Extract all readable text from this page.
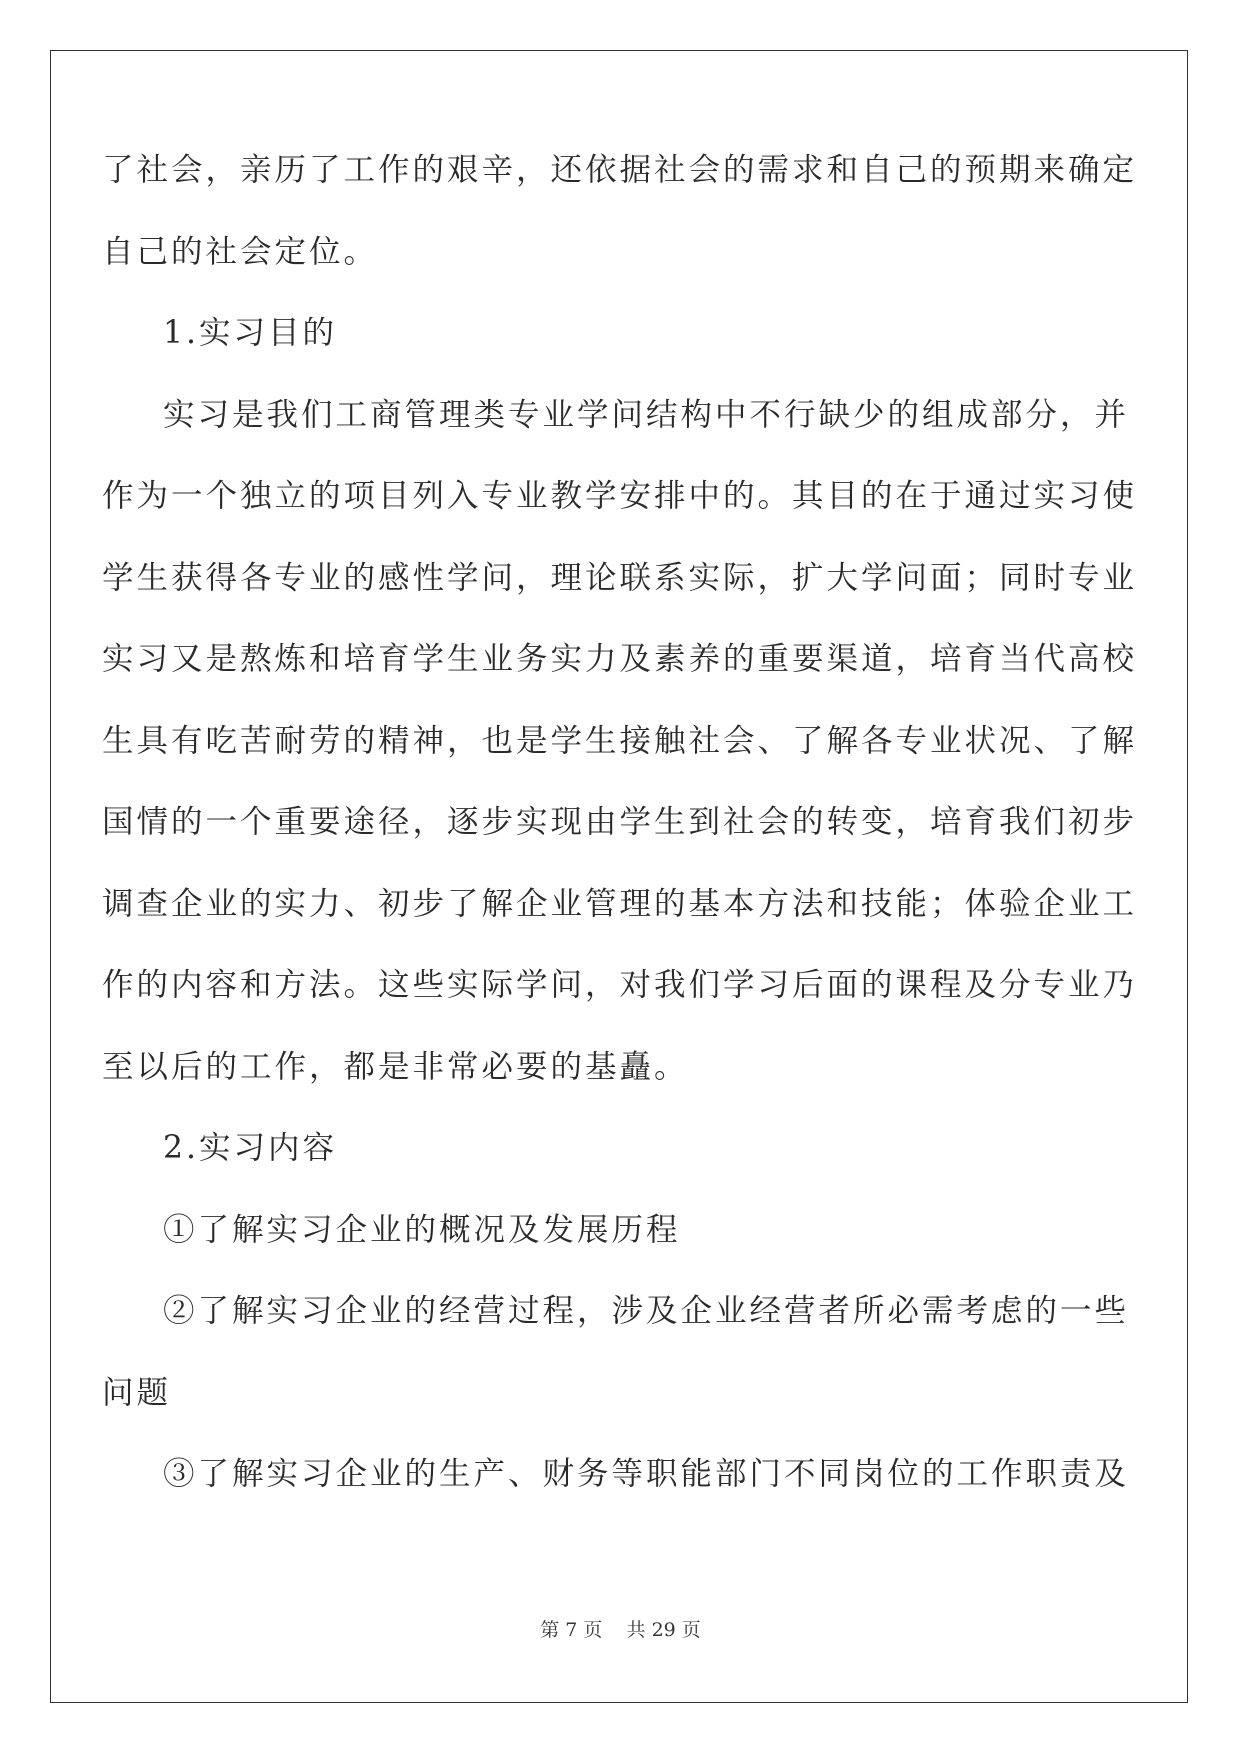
了社会，亲历了工作的艰辛，还依据社会的需求和自己的预期来确定
自己的社会定位。
1.实习目的
实习是我们工商管理类专业学问结构中不行缺少的组成部分，并
作为一个独立的项目列入专业教学安排中的。其目的在于通过实习使
学生获得各专业的感性学问，理论联系实际，扩大学问面；同时专业
实习又是熬炼和培育学生业务实力及素养的重要渠道，培育当代高校
生具有吃苦耐劳的精神，也是学生接触社会、了解各专业状况、了解
国情的一个重要途径，逐步实现由学生到社会的转变，培育我们初步
调查企业的实力、初步了解企业管理的基本方法和技能；体验企业工
作的内容和方法。这些实际学问，对我们学习后面的课程及分专业乃
至以后的工作，都是非常必要的基矗。
2.实习内容
①了解实习企业的概况及发展历程
②了解实习企业的经营过程，涉及企业经营者所必需考虑的一些
问题
③了解实习企业的生产、财务等职能部门不同岗位的工作职责及
第 7 页 共 29 页
